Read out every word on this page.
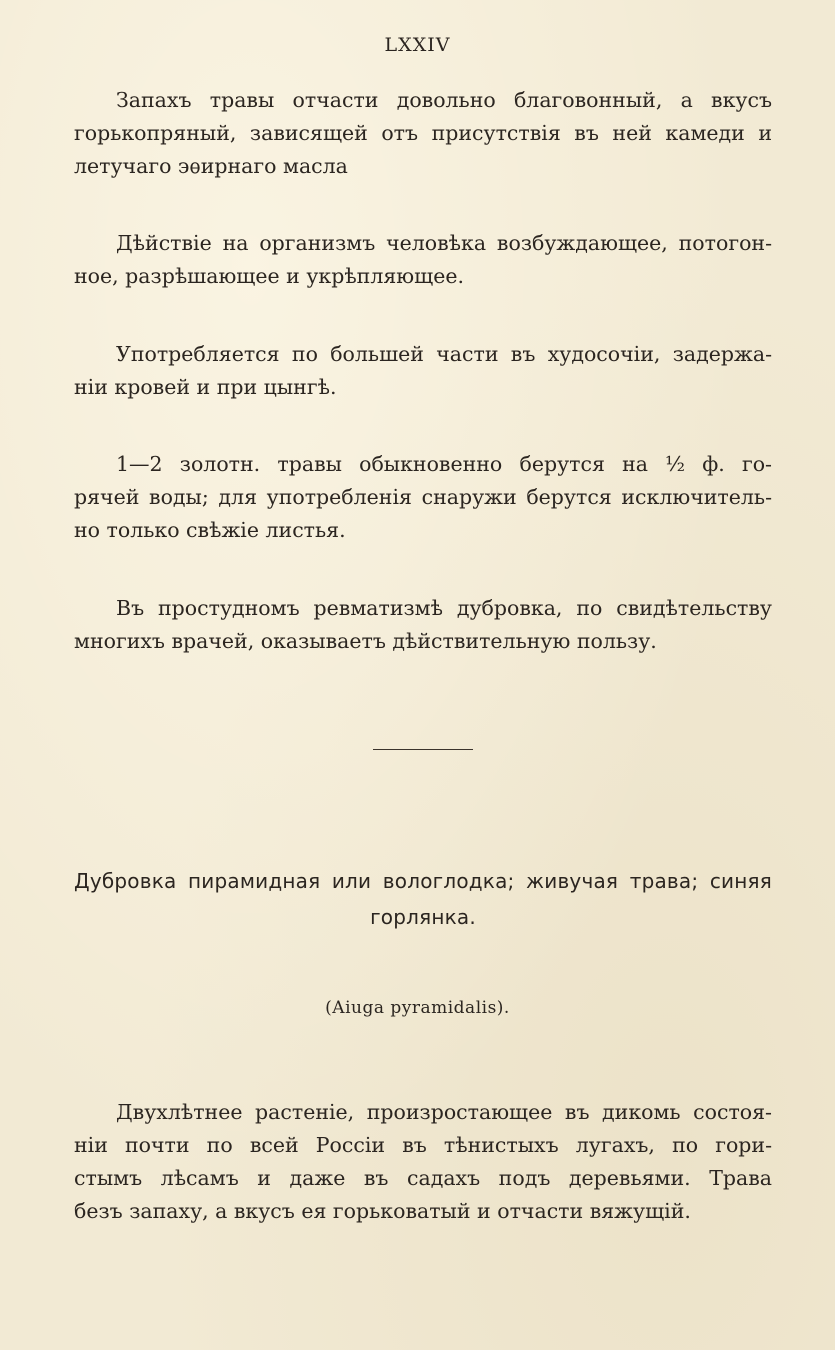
LXXIV
Запахъ травы отчасти довольно благовонный, а вкусъ
горькопряный, зависящей отъ присутствія въ ней камеди и
летучаго эѳирнаго масла
Дѣйствіе на организмъ человѣка возбуждающее, потогон-
ное, разрѣшающее и укрѣпляющее.
Употребляется по большей части въ худосочіи, задержа-
ніи кровей и при цынгѣ.
1—2 золотн. травы обыкновенно берутся на ½ ф. го-
рячей воды; для употребленія снаружи берутся исключитель-
но только свѣжіе листья.
Въ простудномъ ревматизмѣ дубровка, по свидѣтельству
многихъ врачей, оказываетъ дѣйствительную пользу.
Дубровка пирамидная или вологлодка; живучая трава; синяя
горлянка.
(Aiuga pyramidalis).
Двухлѣтнее растеніе, произростающее въ дикомь состоя-
ніи почти по всей Россіи въ тѣнистыхъ лугахъ, по гори-
стымъ лѣсамъ и даже въ садахъ подъ деревьями. Трава
безъ запаху, а вкусъ ея горьковатый и отчасти вяжущій.
